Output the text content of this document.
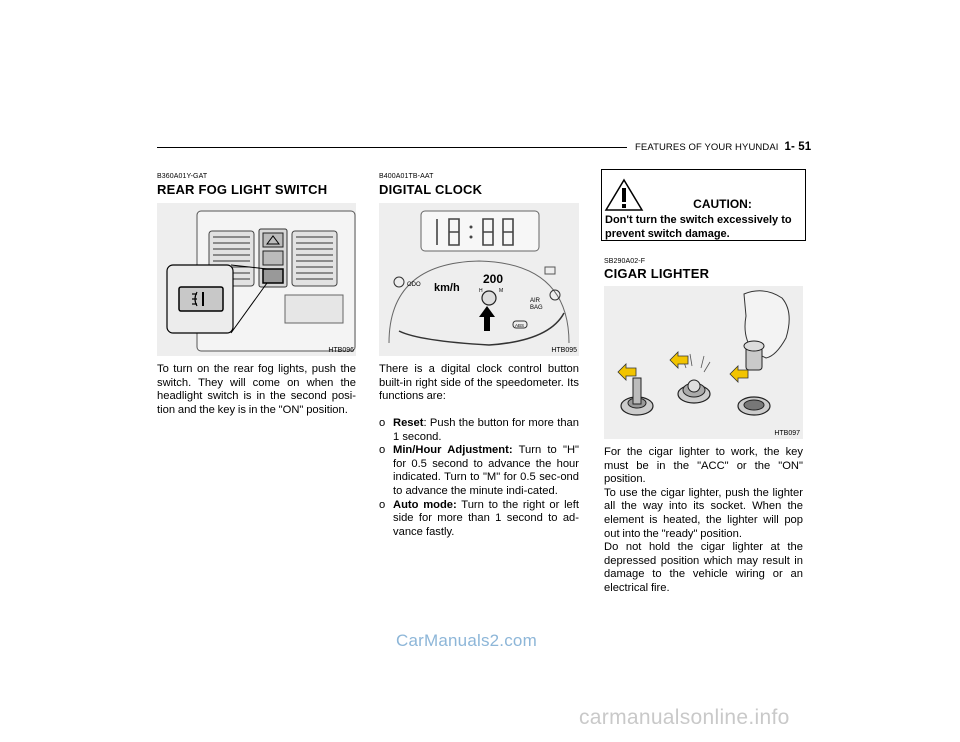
FEATURES OF YOUR HYUNDAI 1- 51
B360A01Y-GAT
REAR FOG LIGHT SWITCH
HTB096
To turn on the rear fog lights, push the switch. They will come on when the headlight switch is in the second posi-tion and the key is in the "ON" position.
B400A01TB-AAT
DIGITAL CLOCK
ODO km/h
200
H	M
AIR
BAG
ABS
HTB095
There is a digital clock control button built-in right side of the speedometer. Its functions are:
o Reset: Push the button for more than 1 second.
o Min/Hour Adjustment: Turn to "H" for 0.5 second to advance the hour indicated. Turn to "M" for 0.5 sec-ond to advance the minute indi-cated.
o Auto mode: Turn to the right or left side for more than 1 second to ad-vance fastly.
CAUTION:
Don't turn the switch excessively to prevent switch damage.
SB290A02-F
CIGAR LIGHTER
HTB097
For the cigar lighter to work, the key must be in the "ACC" or the "ON" position.
To use the cigar lighter, push the lighter all the way into its socket. When the element is heated, the lighter will pop out into the "ready" position.
Do not hold the cigar lighter at the depressed position which may result in damage to the vehicle wiring or an electrical fire.
CarManuals2.com
carmanualsonline.info
